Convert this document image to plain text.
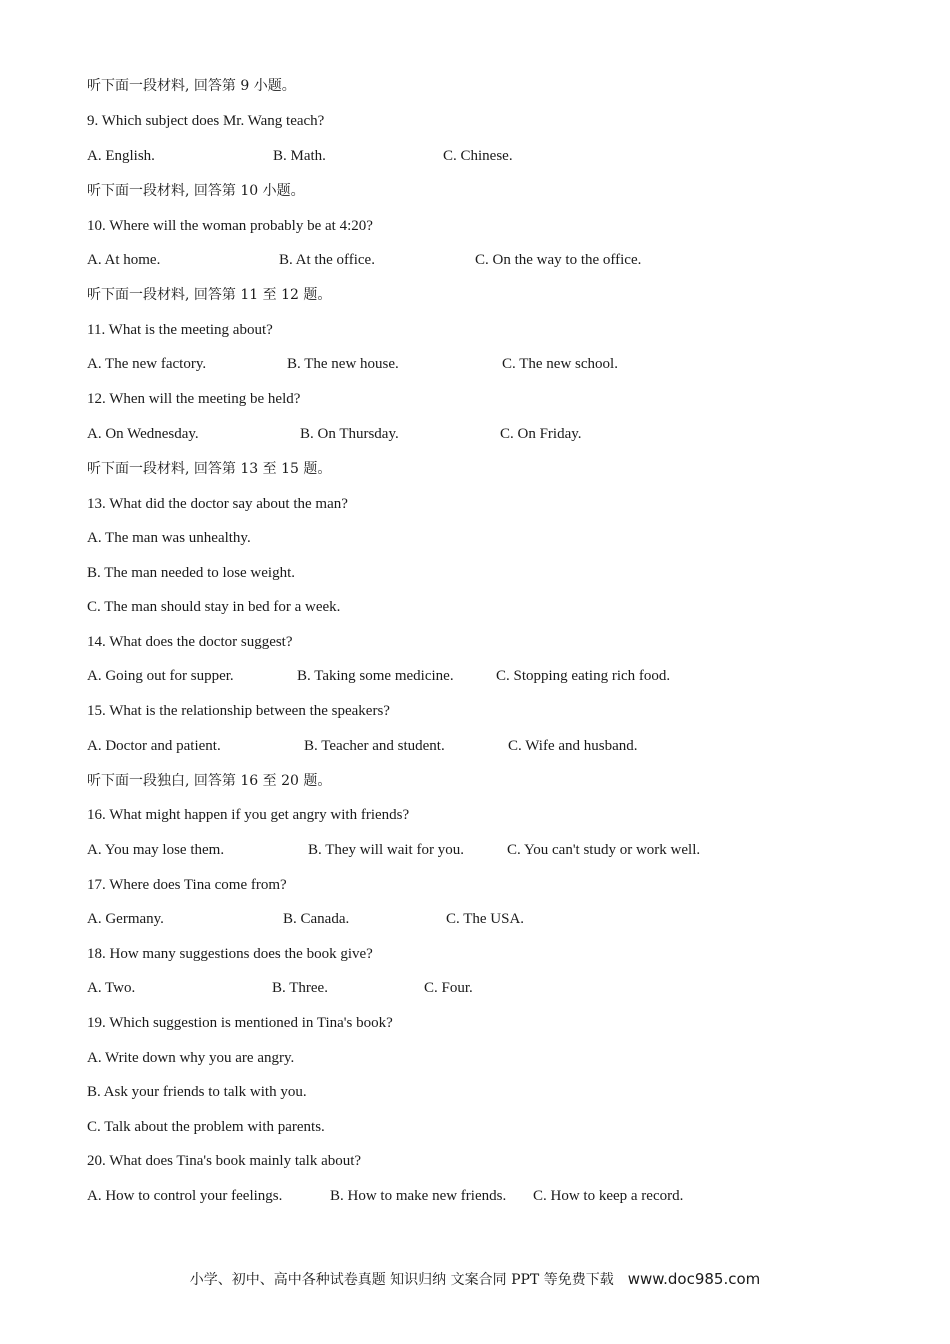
听下面一段材料, 回答第 9 小题。

9. Which subject does Mr. Wang teach?

A. English.	B. Math.	C. Chinese.

听下面一段材料, 回答第 10 小题。

10. Where will the woman probably be at 4:20?

A. At home.	B. At the office.	C. On the way to the office.

听下面一段材料, 回答第 11 至 12 题。

11. What is the meeting about?

A. The new factory.	B. The new house.	C. The new school.

12. When will the meeting be held?

A. On Wednesday.	B. On Thursday.	C. On Friday.

听下面一段材料, 回答第 13 至 15 题。

13. What did the doctor say about the man?

A. The man was unhealthy.

B. The man needed to lose weight.

C. The man should stay in bed for a week.

14. What does the doctor suggest?

A. Going out for supper.	B. Taking some medicine.	C. Stopping eating rich food.

15. What is the relationship between the speakers?

A. Doctor and patient.	B. Teacher and student.	C. Wife and husband.

听下面一段独白, 回答第 16 至 20 题。

16. What might happen if you get angry with friends?

A. You may lose them.	B. They will wait for you.	C. You can't study or work well.

17. Where does Tina come from?

A. Germany.	B. Canada.	C. The USA.

18. How many suggestions does the book give?

A. Two.	B. Three.	C. Four.

19. Which suggestion is mentioned in Tina's book?

A. Write down why you are angry.

B. Ask your friends to talk with you.

C. Talk about the problem with parents.

20. What does Tina's book mainly talk about?

A. How to control your feelings.	B. How to make new friends. C. How to keep a record.
小学、初中、高中各种试卷真题 知识归纳 文案合同 PPT 等免费下载 www.doc985.com
